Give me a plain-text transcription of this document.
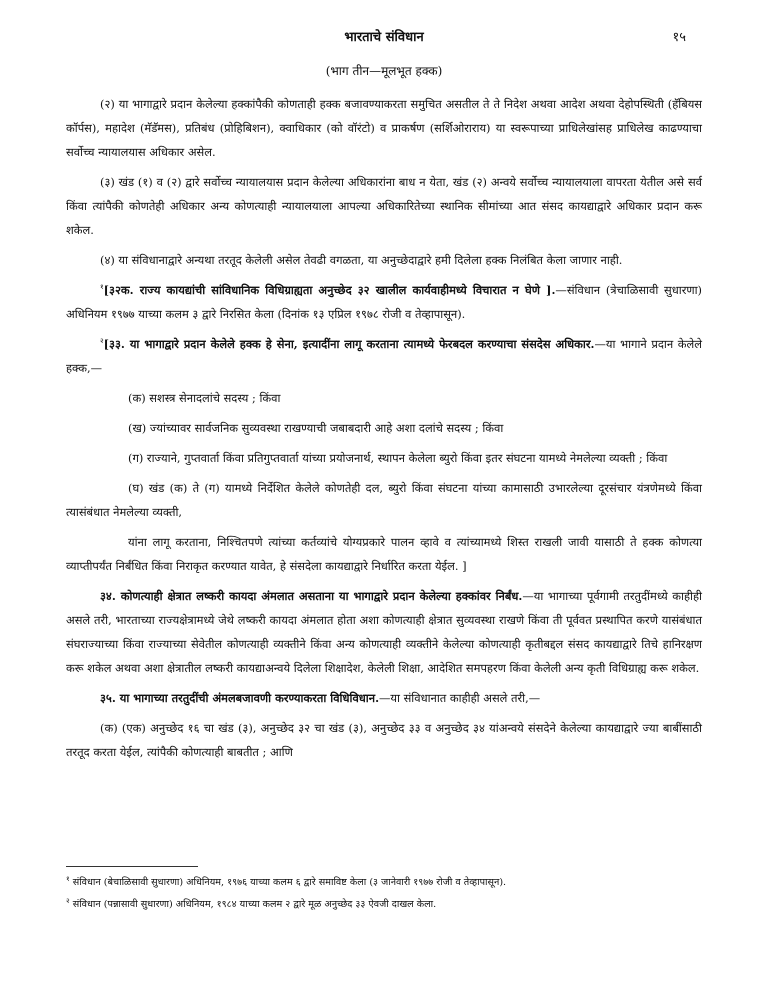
भारताचे संविधान	१५
(भाग तीन—मूलभूत हक्क)

(२) या भागाद्वारे प्रदान केलेल्या हक्कांपैकी कोणताही हक्क बजावण्याकरता समुचित असतील ते ते निदेश अथवा आदेश अथवा देहोपस्थिती (हॅबियस कॉर्पस), महादेश (मॅडॅमस), प्रतिबंध (प्रोहिबिशन), क्वाधिकार (को वॉरंटो) व प्राकर्षण (सर्शिओराराय) या स्वरूपाच्या प्राधिलेखांसह प्राधिलेख काढण्याचा सर्वोच्च न्यायालयास अधिकार असेल.

(३) खंड (१) व (२) द्वारे सर्वोच्च न्यायालयास प्रदान केलेल्या अधिकारांना बाध न येता, खंड (२) अन्वये सर्वोच्च न्यायालयाला वापरता येतील असे सर्व किंवा त्यांपैकी कोणतेही अधिकार अन्य कोणत्याही न्यायालयाला आपल्या अधिकारितेच्या स्थानिक सीमांच्या आत संसद कायद्याद्वारे अधिकार प्रदान करू शकेल.

(४) या संविधानाद्वारे अन्यथा तरतूद केलेली असेल तेवढी वगळता, या अनुच्छेदाद्वारे हमी दिलेला हक्क निलंबित केला जाणार नाही.

$^१$[३२क. राज्य कायद्यांची सांविधानिक विधिग्राह्यता अनुच्छेद ३२ खालील कार्यवाहीमध्ये विचारात न घेणे ].—संविधान (त्रेचाळिसावी सुधारणा) अधिनियम १९७७ याच्या कलम ३ द्वारे निरसित केला (दिनांक १३ एप्रिल १९७८ रोजी व तेव्हापासून).

$^२$[३३. या भागाद्वारे प्रदान केलेले हक्क हे सेना, इत्यादींना लागू करताना त्यामध्ये फेरबदल करण्याचा संसदेस अधिकार.—या भागाने प्रदान केलेले हक्क,—

(क) सशस्त्र सेनादलांचे सदस्य ; किंवा

(ख) ज्यांच्यावर सार्वजनिक सुव्यवस्था राखण्याची जबाबदारी आहे अशा दलांचे सदस्य ; किंवा

(ग) राज्याने, गुप्तवार्ता किंवा प्रतिगुप्तवार्ता यांच्या प्रयोजनार्थ, स्थापन केलेला ब्युरो किंवा इतर संघटना यामध्ये नेमलेल्या व्यक्ती ; किंवा

(घ) खंड (क) ते (ग) यामध्ये निर्देशित केलेले कोणतेही दल, ब्युरो किंवा संघटना यांच्या कामासाठी उभारलेल्या दूरसंचार यंत्रणेमध्ये किंवा त्यासंबंधात नेमलेल्या व्यक्ती,

यांना लागू करताना, निश्चितपणे त्यांच्या कर्तव्यांचे योग्यप्रकारे पालन व्हावे व त्यांच्यामध्ये शिस्त राखली जावी यासाठी ते हक्क कोणत्या व्याप्तीपर्यंत निर्बंधित किंवा निराकृत करण्यात यावेत, हे संसदेला कायद्याद्वारे निर्धारित करता येईल. ]

३४. कोणत्याही क्षेत्रात लष्करी कायदा अंमलात असताना या भागाद्वारे प्रदान केलेल्या हक्कांवर निर्बंध.—या भागाच्या पूर्वगामी तरतुदींमध्ये काहीही असले तरी, भारताच्या राज्यक्षेत्रामध्ये जेथे लष्करी कायदा अंमलात होता अशा कोणत्याही क्षेत्रात सुव्यवस्था राखणे किंवा ती पूर्ववत प्रस्थापित करणे यासंबंधात संघराज्याच्या किंवा राज्याच्या सेवेतील कोणत्याही व्यक्तीने किंवा अन्य कोणत्याही व्यक्तीने केलेल्या कोणत्याही कृतीबद्दल संसद कायद्याद्वारे तिचे हानिरक्षण करू शकेल अथवा अशा क्षेत्रातील लष्करी कायद्याअन्वये दिलेला शिक्षादेश, केलेली शिक्षा, आदेशित समपहरण किंवा केलेली अन्य कृती विधिग्राह्य करू शकेल.

३५. या भागाच्या तरतुदींची अंमलबजावणी करण्याकरता विधिविधान.—या संविधानात काहीही असले तरी,—

(क) (एक) अनुच्छेद १६ चा खंड (३), अनुच्छेद ३२ चा खंड (३), अनुच्छेद ३३ व अनुच्छेद ३४ यांअन्वये संसदेने केलेल्या कायद्याद्वारे ज्या बाबींसाठी तरतूद करता येईल, त्यांपैकी कोणत्याही बाबतीत ; आणि

$^१$ संविधान (बेचाळिसावी सुधारणा) अधिनियम, १९७६ याच्या कलम ६ द्वारे समाविष्ट केला (३ जानेवारी १९७७ रोजी व तेव्हापासून).

$^२$ संविधान (पन्नासावी सुधारणा) अधिनियम, १९८४ याच्या कलम २ द्वारे मूळ अनुच्छेद ३३ ऐवजी दाखल केला.
